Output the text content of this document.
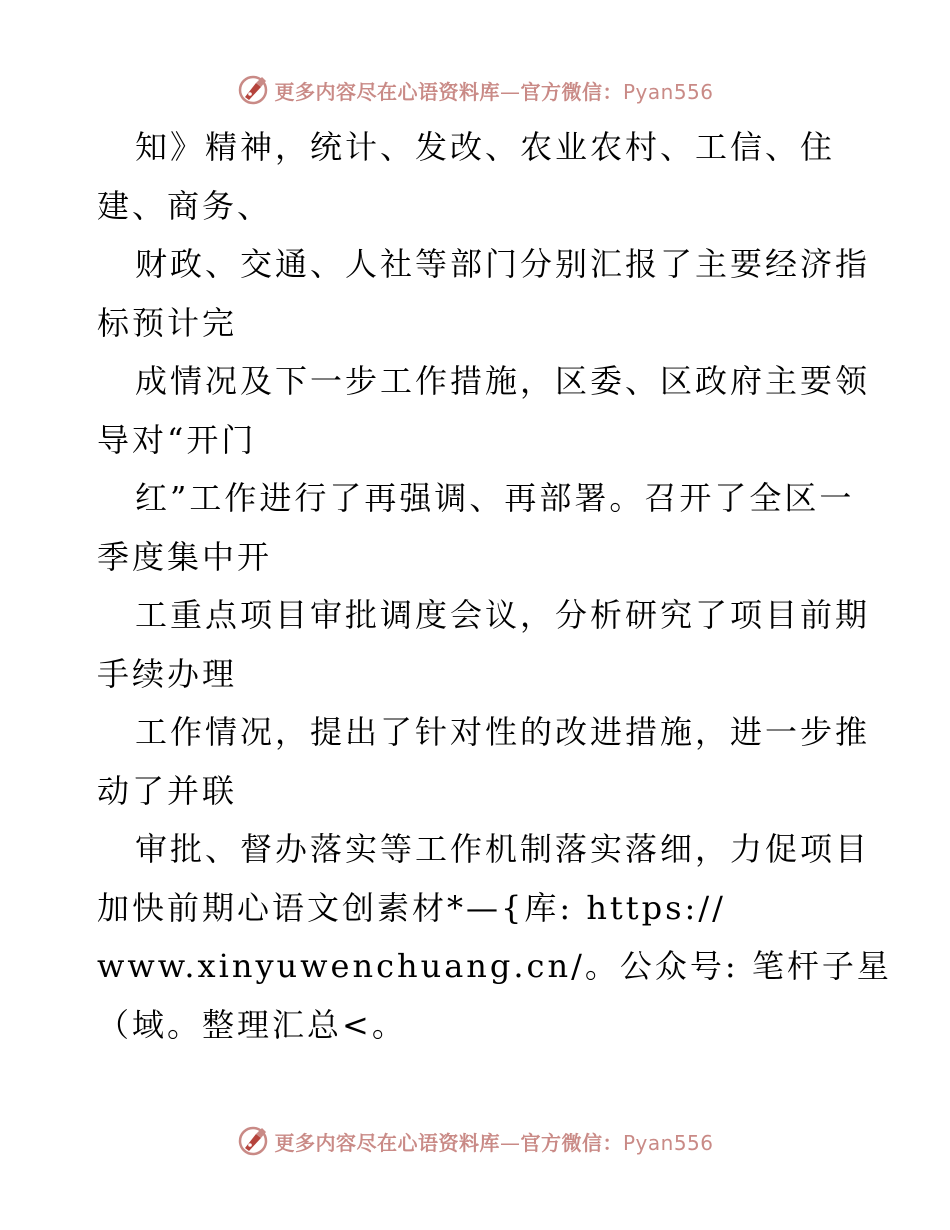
更多内容尽在心语资料库—官方微信：Pyan556
知》精神，统计、发改、农业农村、工信、住
建、商务、
财政、交通、人社等部门分别汇报了主要经济指
标预计完
成情况及下一步工作措施，区委、区政府主要领
导对“开门
红”工作进行了再强调、再部署。召开了全区一
季度集中开
工重点项目审批调度会议，分析研究了项目前期
手续办理
工作情况，提出了针对性的改进措施，进一步推
动了并联
审批、督办落实等工作机制落实落细，力促项目
加快前期心语文创素材*—{库: https://
www.xinyuwenchuang.cn/。公众号: 笔杆子星
（域。整理汇总<。
更多内容尽在心语资料库—官方微信：Pyan556
